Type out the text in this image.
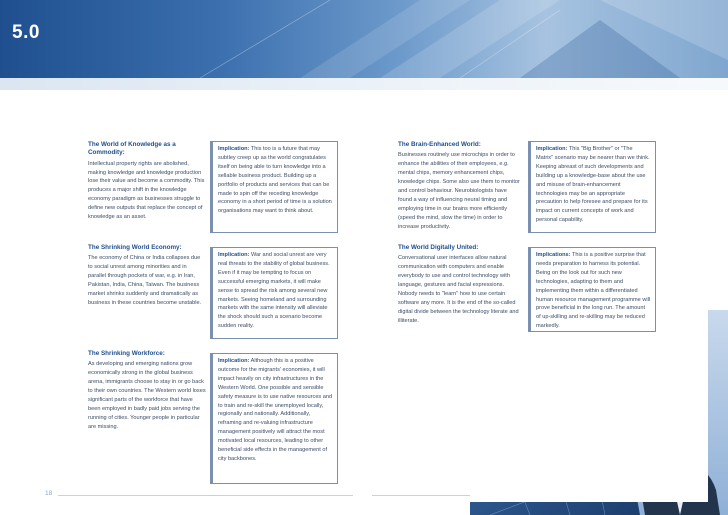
5.0
The World of Knowledge as a Commodity:
Intellectual property rights are abolished, making knowledge and knowledge production lose their value and become a commodity. This produces a major shift in the knowledge economy paradigm as businesses struggle to define new outputs that replace the concept of knowledge as an asset.
Implication: This too is a future that may subtley creep up as the world congratulates itself on being able to turn knowledge into a sellable business product. Building up a portfolio of products and services that can be made to spin off the receding knowledge economy in a short period of time is a solution organisations may want to think about.
The Shrinking World Economy:
The economy of China or India collapses due to social unrest among minorities and in parallel through pockets of war, e.g. in Iran, Pakistan, India, China, Taiwan. The business market shrinks suddenly and dramatically as business in these countries become unstable.
Implication: War and social unrest are very real threats to the stability of global business. Even if it may be tempting to focus on successful emerging markets, it will make sense to spread the risk among several new markets. Seeing homeland and surrounding markets with the same intensity will alleviate the shock should such a scenario become sudden reality.
The Shrinking Workforce:
As developing and emerging nations grow economically strong in the global business arena, immigrants choose to stay in or go back to their own countries. The Western world loses significant parts of the workforce that have been employed in badly paid jobs serving the running of cities. Younger people in particular are missing.
Implication: Although this is a positive outcome for the migrants' economies, it will impact heavily on city infrastructures in the Western World. One possible and sensible safety measure is to use native resources and to train and re-skill the unemployed locally, regionally and nationally. Additionally, reframing and re-valuing infrastructure management positively will attract the most motivated local resources, leading to other beneficial side effects in the management of city backbones.
The Brain-Enhanced World:
Businesses routinely use microchips in order to enhance the abilities of their employees, e.g. mental chips, memory enhancement chips, knowledge chips. Some also use them to monitor and control behaviour. Neurobiologists have found a way of influencing neural timing and employing time in our brains more efficiently (speed the mind, slow the time) in order to increase productivity.
Implication: This "Big Brother" or "The Matrix" scenario may be nearer than we think. Keeping abreast of such developments and building up a knowledge-base about the use and misuse of brain-enhancement technologies may be an appropriate precaution to help foresee and prepare for its impact on current concepts of work and personal capability.
The World Digitally United:
Conversational user interfaces allow natural communication with computers and enable everybody to use and control technology with language, gestures and facial expressions. Nobody needs to "learn" how to use certain software any more. It is the end of the so-called digital divide between the technology literate and illiterate.
Implications: This is a positive surprise that needs preparation to harness its potential. Being on the look out for such new technologies, adapting to them and implementing them within a differentiated human resource management programme will prove beneficial in the long run. The amount of up-skilling and re-skilling may be reduced markedly.
18	19
